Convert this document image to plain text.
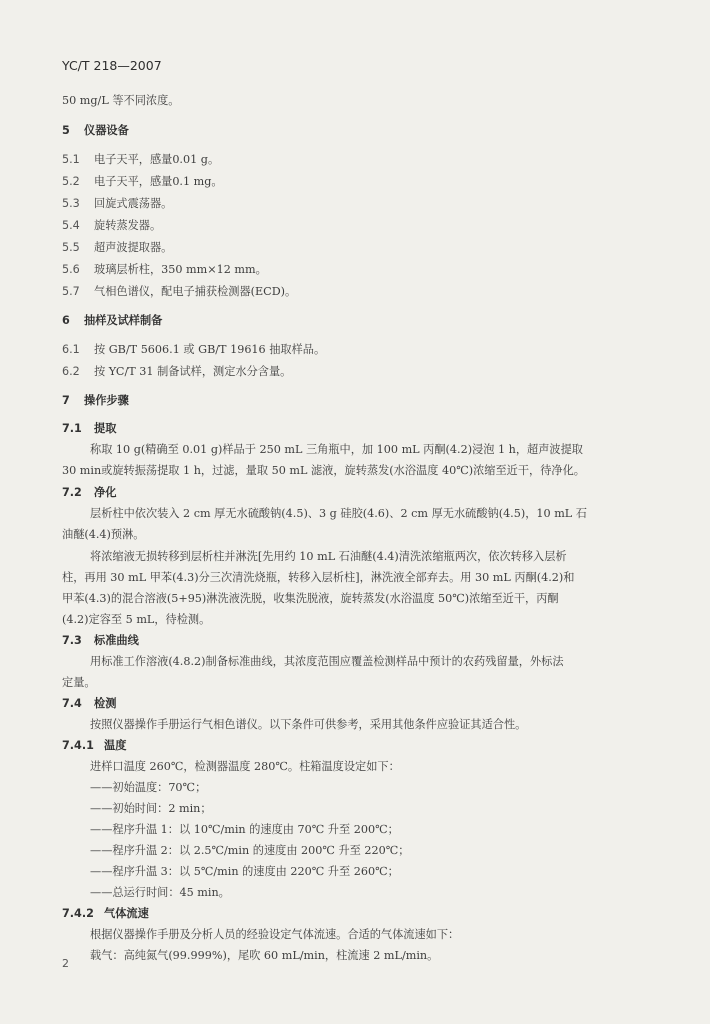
YC/T 218—2007
50 mg/L 等不同浓度。
5 仪器设备
5.1 电子天平，感量0.01 g。
5.2 电子天平，感量0.1 mg。
5.3 回旋式震荡器。
5.4 旋转蒸发器。
5.5 超声波提取器。
5.6 玻璃层析柱，350 mm×12 mm。
5.7 气相色谱仪，配电子捕获检测器(ECD)。
6 抽样及试样制备
6.1 按 GB/T 5606.1 或 GB/T 19616 抽取样品。
6.2 按 YC/T 31 制备试样，测定水分含量。
7 操作步骤
7.1 提取
称取 10 g(精确至 0.01 g)样品于 250 mL 三角瓶中，加 100 mL 丙酮(4.2)浸泡 1 h，超声波提取
30 min或旋转振荡提取 1 h，过滤，量取 50 mL 滤液，旋转蒸发(水浴温度 40℃)浓缩至近干，待净化。
7.2 净化
层析柱中依次装入 2 cm 厚无水硫酸钠(4.5)、3 g 硅胶(4.6)、2 cm 厚无水硫酸钠(4.5)，10 mL 石
油醚(4.4)预淋。
将浓缩液无损转移到层析柱并淋洗[先用约 10 mL 石油醚(4.4)清洗浓缩瓶两次，依次转移入层析
柱，再用 30 mL 甲苯(4.3)分三次清洗烧瓶，转移入层析柱]，淋洗液全部弃去。用 30 mL 丙酮(4.2)和
甲苯(4.3)的混合溶液(5+95)淋洗液洗脱，收集洗脱液，旋转蒸发(水浴温度 50℃)浓缩至近干，丙酮
(4.2)定容至 5 mL，待检测。
7.3 标准曲线
用标准工作溶液(4.8.2)制备标准曲线，其浓度范围应覆盖检测样品中预计的农药残留量，外标法
定量。
7.4 检测
按照仪器操作手册运行气相色谱仪。以下条件可供参考，采用其他条件应验证其适合性。
7.4.1 温度
进样口温度 260℃，检测器温度 280℃。柱箱温度设定如下：
——初始温度：70℃；
——初始时间：2 min；
——程序升温 1：以 10℃/min 的速度由 70℃ 升至 200℃；
——程序升温 2：以 2.5℃/min 的速度由 200℃ 升至 220℃；
——程序升温 3：以 5℃/min 的速度由 220℃ 升至 260℃；
——总运行时间：45 min。
7.4.2 气体流速
根据仪器操作手册及分析人员的经验设定气体流速。合适的气体流速如下：
载气：高纯氮气(99.999%)，尾吹 60 mL/min，柱流速 2 mL/min。
2
